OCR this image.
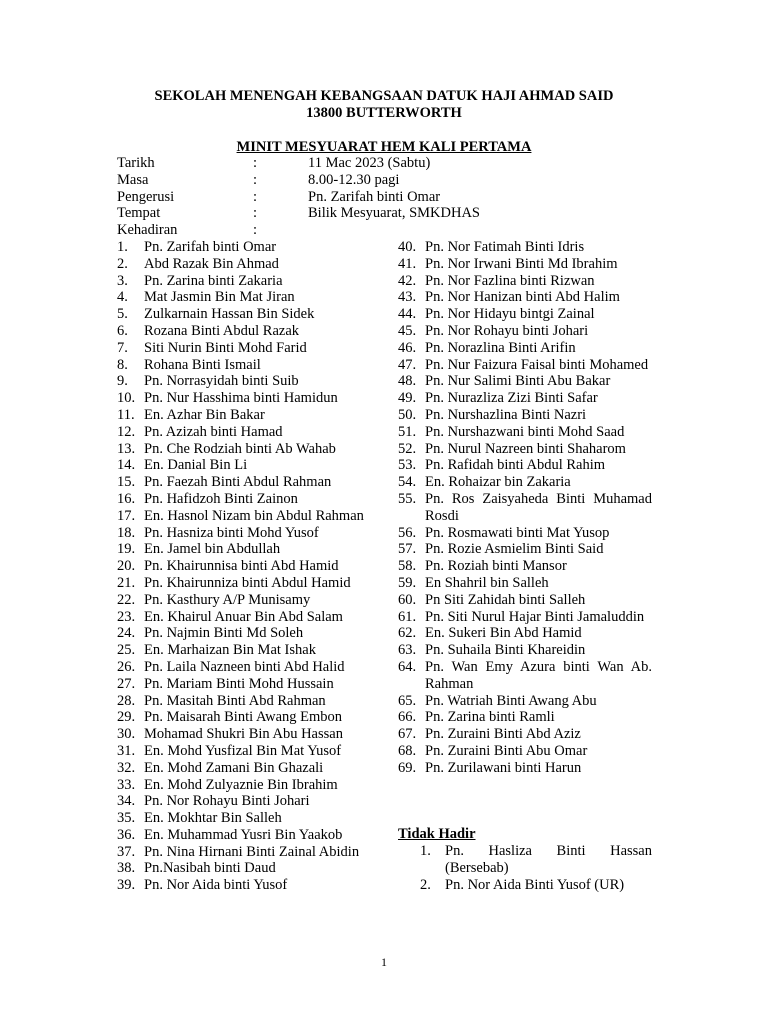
SEKOLAH MENENGAH KEBANGSAAN DATUK HAJI AHMAD SAID
13800 BUTTERWORTH
MINIT MESYUARAT HEM KALI PERTAMA
Tarikh	:	11 Mac 2023 (Sabtu)
Masa	:	8.00-12.30 pagi
Pengerusi	:	Pn. Zarifah binti Omar
Tempat	:	Bilik Mesyuarat, SMKDHAS
Kehadiran	:
1. Pn. Zarifah binti Omar
2. Abd Razak Bin Ahmad
3. Pn. Zarina binti Zakaria
4. Mat Jasmin Bin Mat Jiran
5. Zulkarnain Hassan Bin Sidek
6. Rozana Binti Abdul Razak
7. Siti Nurin Binti Mohd Farid
8. Rohana Binti Ismail
9. Pn. Norrasyidah binti Suib
10. Pn. Nur Hasshima binti Hamidun
11. En. Azhar Bin Bakar
12. Pn. Azizah binti Hamad
13. Pn. Che Rodziah binti Ab Wahab
14. En. Danial Bin Li
15. Pn. Faezah Binti Abdul Rahman
16. Pn. Hafidzoh Binti Zainon
17. En. Hasnol Nizam bin Abdul Rahman
18. Pn. Hasniza binti Mohd Yusof
19. En. Jamel bin Abdullah
20. Pn. Khairunnisa binti Abd Hamid
21. Pn. Khairunniza binti Abdul Hamid
22. Pn. Kasthury A/P Munisamy
23. En. Khairul Anuar Bin Abd Salam
24. Pn. Najmin Binti Md Soleh
25. En. Marhaizan Bin Mat Ishak
26. Pn. Laila Nazneen binti Abd Halid
27. Pn. Mariam Binti Mohd Hussain
28. Pn. Masitah Binti Abd Rahman
29. Pn. Maisarah Binti Awang Embon
30. Mohamad Shukri Bin Abu Hassan
31. En. Mohd Yusfizal Bin Mat Yusof
32. En. Mohd Zamani Bin Ghazali
33. En. Mohd Zulyaznie Bin Ibrahim
34. Pn. Nor Rohayu Binti Johari
35. En. Mokhtar Bin Salleh
36. En. Muhammad Yusri Bin Yaakob
37. Pn. Nina Hirnani Binti Zainal Abidin
38. Pn.Nasibah binti Daud
39. Pn. Nor Aida binti Yusof
40. Pn. Nor Fatimah Binti Idris
41. Pn. Nor Irwani Binti Md Ibrahim
42. Pn. Nor Fazlina binti Rizwan
43. Pn. Nor Hanizan binti Abd Halim
44. Pn. Nor Hidayu bintgi Zainal
45. Pn. Nor Rohayu binti Johari
46. Pn. Norazlina Binti Arifin
47. Pn. Nur Faizura Faisal binti Mohamed
48. Pn. Nur Salimi Binti Abu Bakar
49. Pn. Nurazliza Zizi Binti Safar
50. Pn. Nurshazlina Binti Nazri
51. Pn. Nurshazwani binti Mohd Saad
52. Pn. Nurul Nazreen binti Shaharom
53. Pn. Rafidah binti Abdul Rahim
54. En. Rohaizar bin Zakaria
55. Pn. Ros Zaisyaheda Binti Muhamad Rosdi
56. Pn. Rosmawati binti Mat Yusop
57. Pn. Rozie Asmielim Binti Said
58. Pn. Roziah binti Mansor
59. En Shahril bin Salleh
60. Pn Siti Zahidah binti Salleh
61. Pn. Siti Nurul Hajar Binti Jamaluddin
62. En. Sukeri Bin Abd Hamid
63. Pn. Suhaila Binti Khareidin
64. Pn. Wan Emy Azura binti Wan Ab. Rahman
65. Pn. Watriah Binti Awang Abu
66. Pn. Zarina binti Ramli
67. Pn. Zuraini Binti Abd Aziz
68. Pn. Zuraini Binti Abu Omar
69. Pn. Zurilawani binti Harun
Tidak Hadir
1. Pn. Hasliza Binti Hassan (Bersebab)
2. Pn. Nor Aida Binti Yusof (UR)
1
